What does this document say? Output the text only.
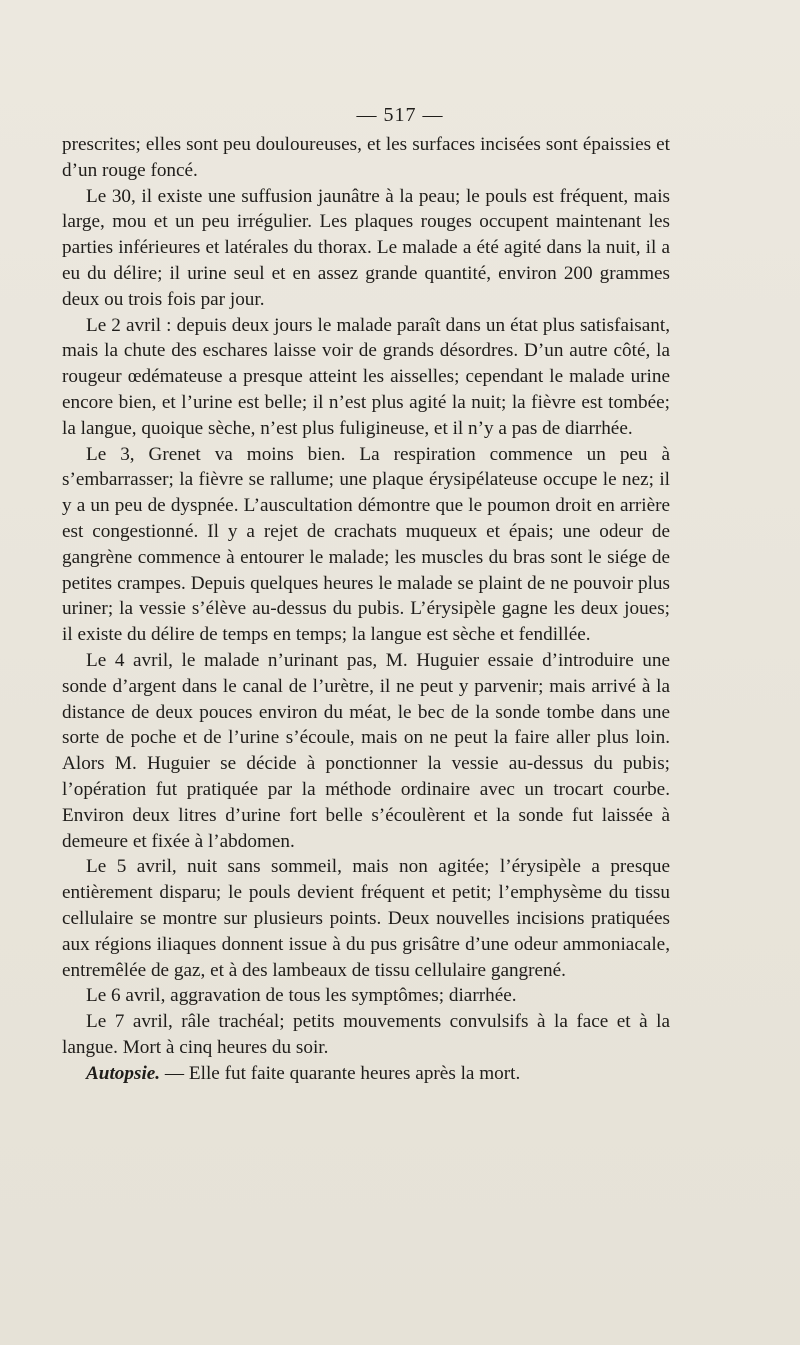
— 517 —

prescrites; elles sont peu douloureuses, et les surfaces incisées sont épaissies et d’un rouge foncé.

Le 30, il existe une suffusion jaunâtre à la peau; le pouls est fréquent, mais large, mou et un peu irrégulier. Les plaques rouges occupent maintenant les parties inférieures et latérales du thorax. Le malade a été agité dans la nuit, il a eu du délire; il urine seul et en assez grande quantité, environ 200 grammes deux ou trois fois par jour.

Le 2 avril : depuis deux jours le malade paraît dans un état plus satisfaisant, mais la chute des eschares laisse voir de grands désordres. D’un autre côté, la rougeur œdémateuse a presque atteint les aisselles; cependant le malade urine encore bien, et l’urine est belle; il n’est plus agité la nuit; la fièvre est tombée; la langue, quoique sèche, n’est plus fuligineuse, et il n’y a pas de diarrhée.

Le 3, Grenet va moins bien. La respiration commence un peu à s’embarrasser; la fièvre se rallume; une plaque érysipélateuse occupe le nez; il y a un peu de dyspnée. L’auscultation démontre que le poumon droit en arrière est congestionné. Il y a rejet de crachats muqueux et épais; une odeur de gangrène commence à entourer le malade; les muscles du bras sont le siége de petites crampes. Depuis quelques heures le malade se plaint de ne pouvoir plus uriner; la vessie s’élève au-dessus du pubis. L’érysipèle gagne les deux joues; il existe du délire de temps en temps; la langue est sèche et fendillée.

Le 4 avril, le malade n’urinant pas, M. Huguier essaie d’introduire une sonde d’argent dans le canal de l’urètre, il ne peut y parvenir; mais arrivé à la distance de deux pouces environ du méat, le bec de la sonde tombe dans une sorte de poche et de l’urine s’écoule, mais on ne peut la faire aller plus loin. Alors M. Huguier se décide à ponctionner la vessie au-dessus du pubis; l’opération fut pratiquée par la méthode ordinaire avec un trocart courbe. Environ deux litres d’urine fort belle s’écoulèrent et la sonde fut laissée à demeure et fixée à l’abdomen.

Le 5 avril, nuit sans sommeil, mais non agitée; l’érysipèle a presque entièrement disparu; le pouls devient fréquent et petit; l’emphysème du tissu cellulaire se montre sur plusieurs points. Deux nouvelles incisions pratiquées aux régions iliaques donnent issue à du pus grisâtre d’une odeur ammoniacale, entremêlée de gaz, et à des lambeaux de tissu cellulaire gangrené.

Le 6 avril, aggravation de tous les symptômes; diarrhée.

Le 7 avril, râle trachéal; petits mouvements convulsifs à la face et à la langue. Mort à cinq heures du soir.

Autopsie. — Elle fut faite quarante heures après la mort.
